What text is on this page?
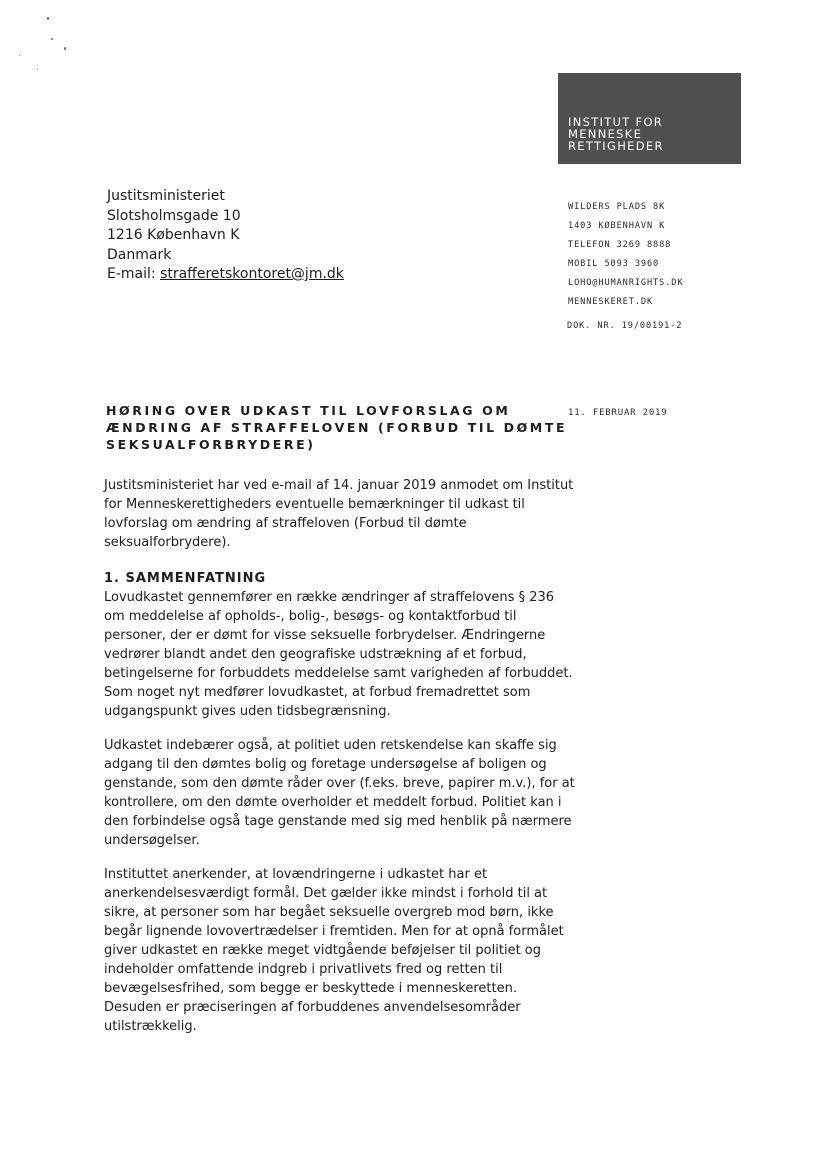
INSTITUT FOR
MENNESKE
RETTIGHEDER
Justitsministeriet
Slotsholmsgade 10
1216 København K
Danmark
E-mail: strafferetskontoret@jm.dk
WILDERS PLADS 8K
1403 KØBENHAVN K
TELEFON 3269 8888
MOBIL 5093 3960
LOHO@HUMANRIGHTS.DK
MENNESKERET.DK
DOK. NR. 19/00191-2
11. FEBRUAR 2019
HØRING OVER UDKAST TIL LOVFORSLAG OM
ÆNDRING AF STRAFFELOVEN (FORBUD TIL DØMTE
SEKSUALFORBRYDERE)
Justitsministeriet har ved e-mail af 14. januar 2019 anmodet om Institut
for Menneskerettigheders eventuelle bemærkninger til udkast til
lovforslag om ændring af straffeloven (Forbud til dømte
seksualforbrydere).
1. SAMMENFATNING
Lovudkastet gennemfører en række ændringer af straffelovens § 236
om meddelelse af opholds-, bolig-, besøgs- og kontaktforbud til
personer, der er dømt for visse seksuelle forbrydelser. Ændringerne
vedrører blandt andet den geografiske udstrækning af et forbud,
betingelserne for forbuddets meddelelse samt varigheden af forbuddet.
Som noget nyt medfører lovudkastet, at forbud fremadrettet som
udgangspunkt gives uden tidsbegrænsning.
Udkastet indebærer også, at politiet uden retskendelse kan skaffe sig
adgang til den dømtes bolig og foretage undersøgelse af boligen og
genstande, som den dømte råder over (f.eks. breve, papirer m.v.), for at
kontrollere, om den dømte overholder et meddelt forbud. Politiet kan i
den forbindelse også tage genstande med sig med henblik på nærmere
undersøgelser.
Instituttet anerkender, at lovændringerne i udkastet har et
anerkendelsesværdigt formål. Det gælder ikke mindst i forhold til at
sikre, at personer som har begået seksuelle overgreb mod børn, ikke
begår lignende lovovertrædelser i fremtiden. Men for at opnå formålet
giver udkastet en række meget vidtgående beføjelser til politiet og
indeholder omfattende indgreb i privatlivets fred og retten til
bevægelsesfrihed, som begge er beskyttede i menneskeretten.
Desuden er præciseringen af forbuddenes anvendelsesområder
utilstrækkelig.
